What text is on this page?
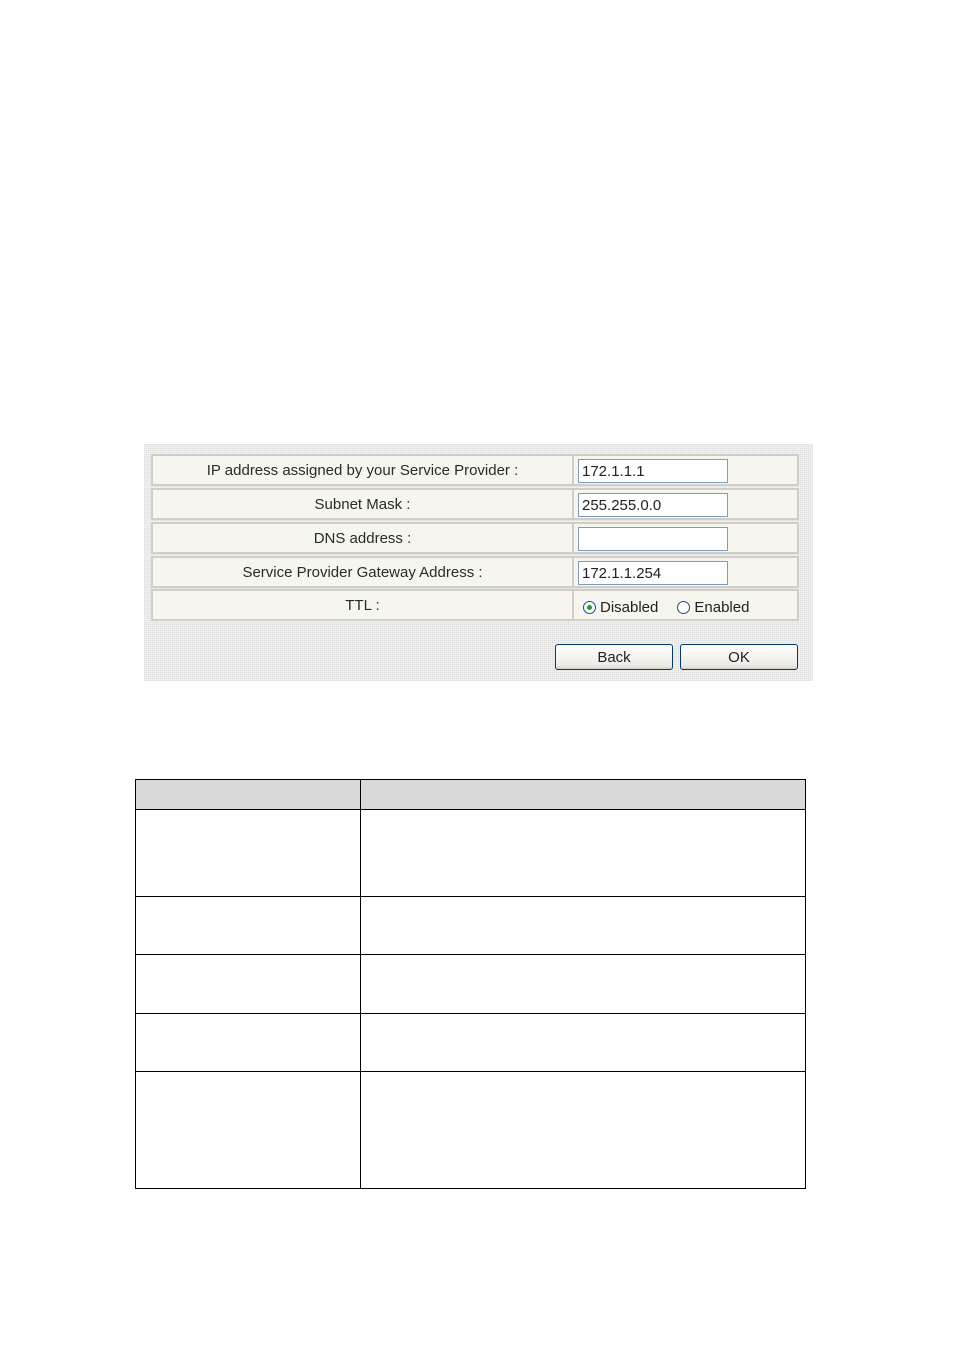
IP address assigned by your Service Provider :
172.1.1.1
Subnet Mask :
255.255.0.0
DNS address :
Service Provider Gateway Address :
172.1.1.254
TTL :	Disabled Enabled
Back	OK
